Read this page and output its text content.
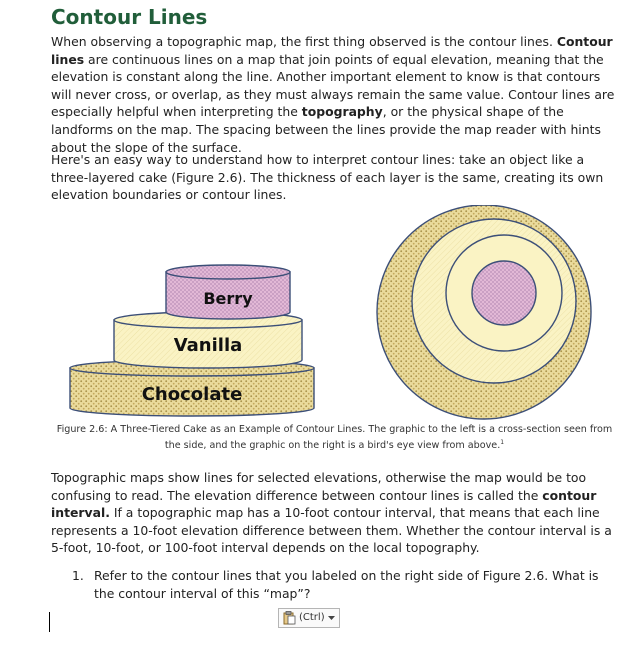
Contour Lines
When observing a topographic map, the first thing observed is the contour lines. Contour lines are continuous lines on a map that join points of equal elevation, meaning that the elevation is constant along the line. Another important element to know is that contours will never cross, or overlap, as they must always remain the same value. Contour lines are especially helpful when interpreting the topography, or the physical shape of the landforms on the map. The spacing between the lines provide the map reader with hints about the slope of the surface.
Here's an easy way to understand how to interpret contour lines: take an object like a three-layered cake (Figure 2.6). The thickness of each layer is the same, creating its own elevation boundaries or contour lines.
Chocolate
Vanilla
Berry
Figure 2.6: A Three-Tiered Cake as an Example of Contour Lines. The graphic to the left is a cross-section seen from the side, and the graphic on the right is a bird's eye view from above.$^1$
Topographic maps show lines for selected elevations, otherwise the map would be too confusing to read. The elevation difference between contour lines is called the contour interval. If a topographic map has a 10-foot contour interval, that means that each line represents a 10-foot elevation difference between them. Whether the contour interval is a 5-foot, 10-foot, or 100-foot interval depends on the local topography.
1. Refer to the contour lines that you labeled on the right side of Figure 2.6. What is the contour interval of this “map”?
(Ctrl)
